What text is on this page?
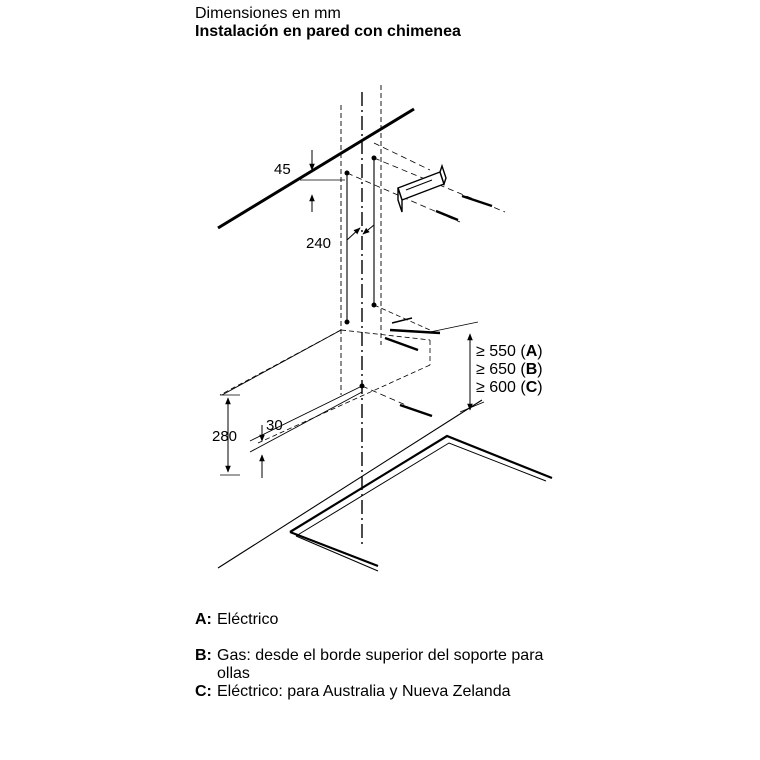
Dimensiones en mm
Instalación en pared con chimenea
45
240
280
30
≥ 550 (A)
≥ 650 (B)
≥ 600 (C)
A: Eléctrico
B: Gas: desde el borde superior del soporte para ollas
C: Eléctrico: para Australia y Nueva Zelanda
